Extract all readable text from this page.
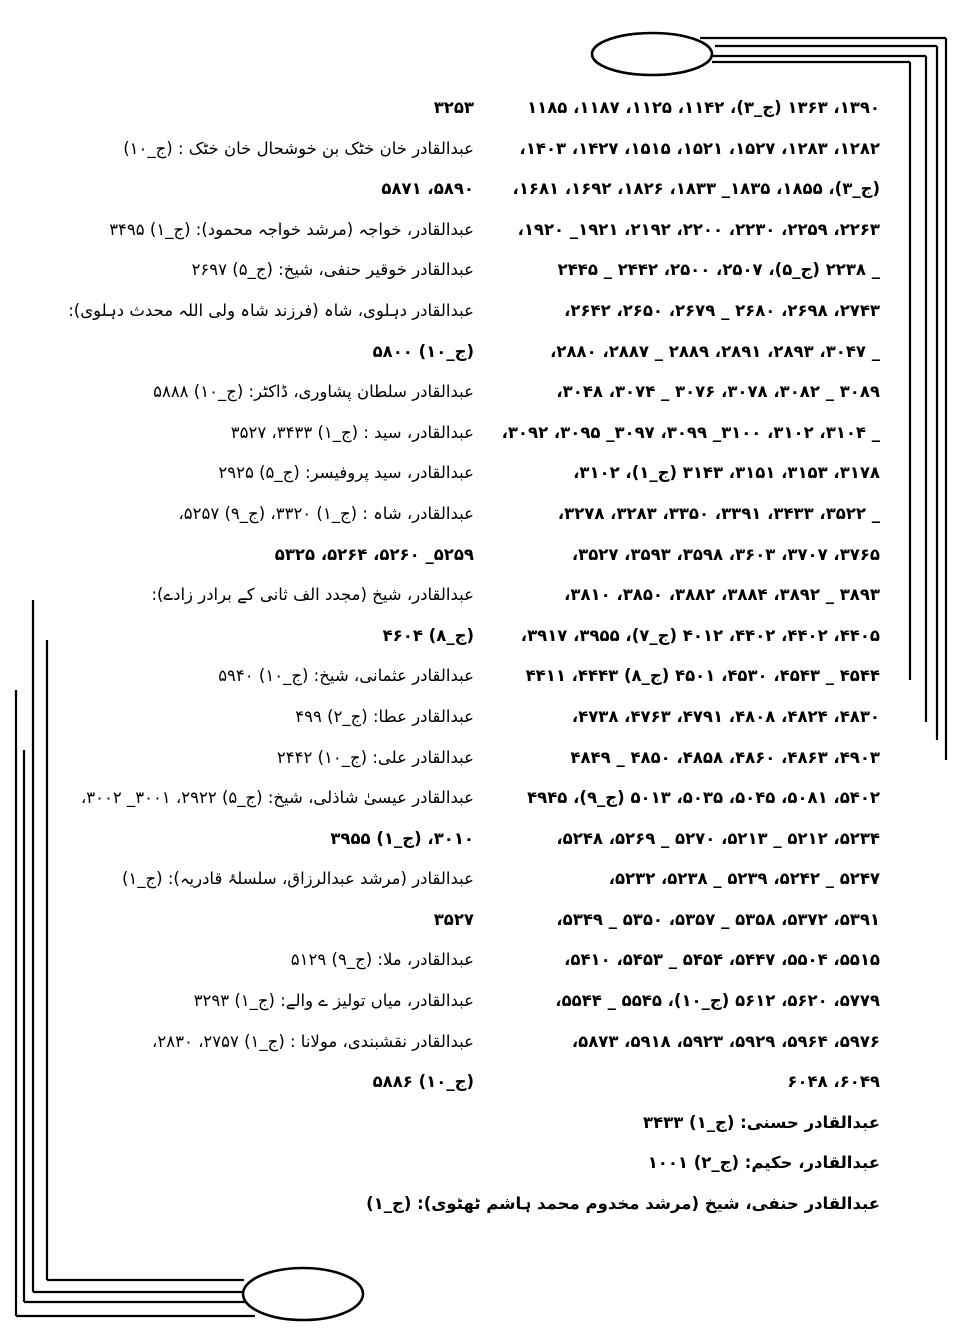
۱۳۹۰، ۱۳۶۳ (ج_۳)، ۱۱۴۲، ۱۱۲۵، ۱۱۸۷، ۱۱۸۵
۱۲۸۲، ۱۲۸۳، ۱۵۲۷، ۱۵۲۱، ۱۵۱۵، ۱۴۲۷، ۱۴۰۳،
(ج_۳)، ۱۸۵۵، ۱۸۳۵_ ۱۸۳۳، ۱۸۲۶، ۱۶۹۲، ۱۶۸۱،
۲۲۶۳، ۲۲۵۹، ۲۲۳۰، ۲۲۰۰، ۲۱۹۲، ۱۹۲۱_ ۱۹۲۰،
_ ۲۲۳۸ (ج_۵)، ۲۵۰۷، ۲۵۰۰، ۲۴۴۲ _ ۲۴۴۵
۲۷۴۳، ۲۶۹۸، ۲۶۸۰ _ ۲۶۷۹، ۲۶۵۰، ۲۶۴۲،
_ ۳۰۴۷، ۲۸۹۳، ۲۸۹۱، ۲۸۸۹ _ ۲۸۸۷، ۲۸۸۰،
۳۰۸۹ _ ۳۰۸۲، ۳۰۷۸، ۳۰۷۶ _ ۳۰۷۴، ۳۰۴۸،
_ ۳۱۰۴، ۳۱۰۲، ۳۱۰۰_ ۳۰۹۹، ۳۰۹۷_ ۳۰۹۵، ۳۰۹۲،
۳۱۷۸، ۳۱۵۳، ۳۱۵۱، ۳۱۴۳ (ج_۱)، ۳۱۰۲،
_ ۳۵۲۲، ۳۴۳۳، ۳۳۹۱، ۳۳۵۰، ۳۲۸۳، ۳۲۷۸،
۳۷۶۵، ۳۷۰۷، ۳۶۰۳، ۳۵۹۸، ۳۵۹۳، ۳۵۲۷،
۳۸۹۳ _ ۳۸۹۲، ۳۸۸۴، ۳۸۸۲، ۳۸۵۰، ۳۸۱۰،
۴۴۰۵، ۴۴۰۲، ۴۴۰۲، ۴۰۱۲ (ج_۷)، ۳۹۵۵، ۳۹۱۷،
۴۵۴۴ _ ۴۵۴۳، ۴۵۳۰، ۴۵۰۱ (ج_۸) ۴۴۴۳، ۴۴۱۱
۴۸۳۰، ۴۸۲۴، ۴۸۰۸، ۴۷۹۱، ۴۷۶۳، ۴۷۳۸،
۴۹۰۳، ۴۸۶۳، ۴۸۶۰، ۴۸۵۸، ۴۸۵۰ _ ۴۸۴۹
۵۴۰۲، ۵۰۸۱، ۵۰۴۵، ۵۰۳۵، ۵۰۱۳ (ج_۹)، ۴۹۴۵
۵۲۳۴، ۵۲۱۲ _ ۵۲۱۳، ۵۲۷۰ _ ۵۲۶۹، ۵۲۴۸،
۵۲۴۷ _ ۵۲۴۲، ۵۲۳۹ _ ۵۲۳۸، ۵۲۳۲،
۵۳۹۱، ۵۳۷۲، ۵۳۵۸ _ ۵۳۵۷، ۵۳۵۰ _ ۵۳۴۹،
۵۵۱۵، ۵۵۰۴، ۵۴۴۷، ۵۴۵۴ _ ۵۴۵۳، ۵۴۱۰،
۵۷۷۹، ۵۶۲۰، ۵۶۱۲ (ج_۱۰)، ۵۵۴۵ _ ۵۵۴۴،
۵۹۷۶، ۵۹۶۴، ۵۹۲۹، ۵۹۲۳، ۵۹۱۸، ۵۸۷۳،
۶۰۴۹، ۶۰۴۸
عبدالقادر حسنی: (ج_۱) ۳۴۳۳
عبدالقادر، حکیم: (ج_۲) ۱۰۰۱
عبدالقادر حنفی، شیخ (مرشد مخدوم محمد ہاشم ٹھٹوی): (ج_۱)
۳۲۵۳
عبدالقادر خان خٹک بن خوشحال خان خٹک : (ج_۱۰)
۵۸۹۰، ۵۸۷۱
عبدالقادر، خواجہ (مرشد خواجہ محمود): (ج_۱) ۳۴۹۵
عبدالقادر خوقیر حنفی، شیخ: (ج_۵) ۲۶۹۷
عبدالقادر دہلوی، شاہ (فرزند شاہ ولی اللہ محدث دہلوی):
(ج_۱۰) ۵۸۰۰
عبدالقادر سلطان پشاوری، ڈاکٹر: (ج_۱۰) ۵۸۸۸
عبدالقادر، سید : (ج_۱) ۳۴۳۳، ۳۵۲۷
عبدالقادر، سید پروفیسر: (ج_۵) ۲۹۲۵
عبدالقادر، شاہ : (ج_۱) ۳۳۲۰، (ج_۹) ۵۲۵۷،
۵۲۵۹_ ۵۲۶۰، ۵۲۶۴، ۵۳۲۵
عبدالقادر، شیخ (مجدد الف ثانی کے برادر زادے):
(ج_۸) ۴۶۰۴
عبدالقادر عثمانی، شیخ: (ج_۱۰) ۵۹۴۰
عبدالقادر عطا: (ج_۲) ۴۹۹
عبدالقادر علی: (ج_۱۰) ۲۴۴۲
عبدالقادر عیسیٰ شاذلی، شیخ: (ج_۵) ۲۹۲۲، ۳۰۰۱_ ۳۰۰۲،
۳۰۱۰، (ج_۱) ۳۹۵۵
عبدالقادر (مرشد عبدالرزاق، سلسلۂ قادریہ): (ج_۱)
۳۵۲۷
عبدالقادر، ملا: (ج_۹) ۵۱۲۹
عبدالقادر، میاں تولیز ے والے: (ج_۱) ۳۲۹۳
عبدالقادر نقشبندی، مولانا : (ج_۱) ۲۷۵۷، ۲۸۳۰،
(ج_۱۰) ۵۸۸۶
